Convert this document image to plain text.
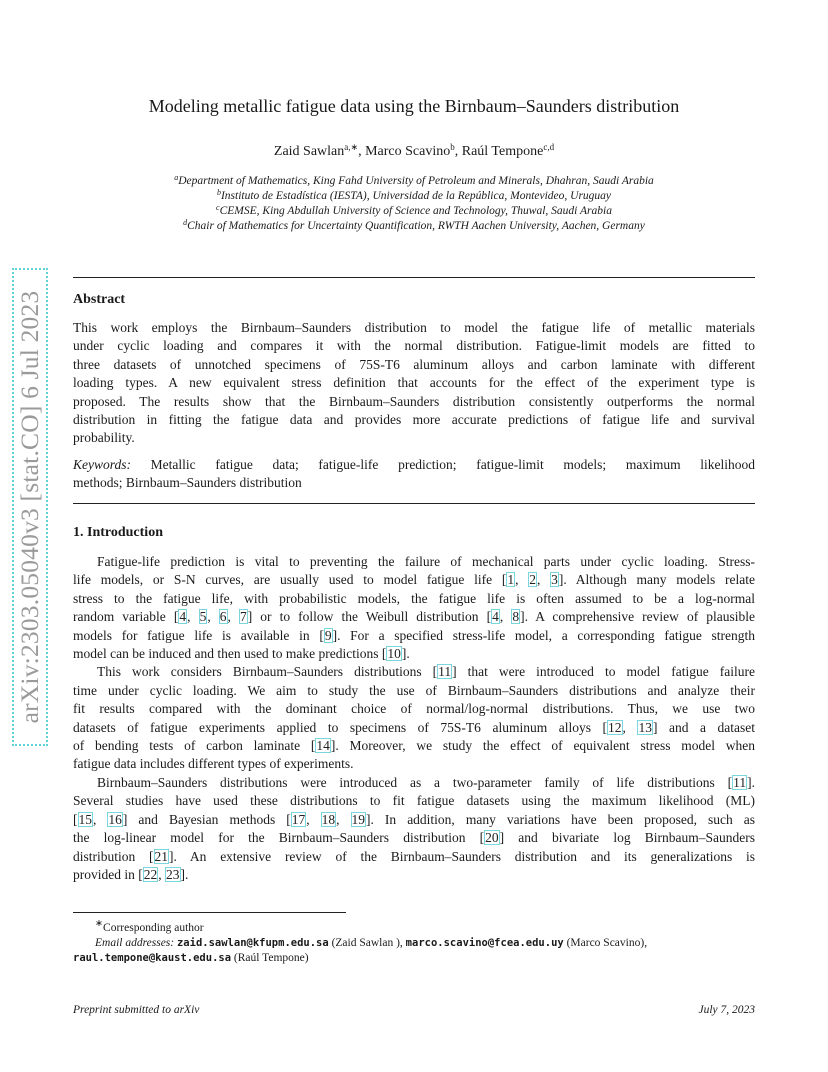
arXiv:2303.05040v3 [stat.CO] 6 Jul 2023
Modeling metallic fatigue data using the Birnbaum–Saunders distribution
Zaid Sawlan$^{a,∗}$, Marco Scavino$^b$, Raúl Tempone$^{c,d}$
$^a$Department of Mathematics, King Fahd University of Petroleum and Minerals, Dhahran, Saudi Arabia
$^b$Instituto de Estadística (IESTA), Universidad de la República, Montevideo, Uruguay
$^c$CEMSE, King Abdullah University of Science and Technology, Thuwal, Saudi Arabia
$^d$Chair of Mathematics for Uncertainty Quantification, RWTH Aachen University, Aachen, Germany
Abstract
This work employs the Birnbaum–Saunders distribution to model the fatigue life of metallic materials
under cyclic loading and compares it with the normal distribution. Fatigue-limit models are fitted to
three datasets of unnotched specimens of 75S-T6 aluminum alloys and carbon laminate with different
loading types. A new equivalent stress definition that accounts for the effect of the experiment type is
proposed. The results show that the Birnbaum–Saunders distribution consistently outperforms the normal
distribution in fitting the fatigue data and provides more accurate predictions of fatigue life and survival
probability.
Keywords: Metallic fatigue data; fatigue-life prediction; fatigue-limit models; maximum likelihood
methods; Birnbaum–Saunders distribution
1. Introduction
Fatigue-life prediction is vital to preventing the failure of mechanical parts under cyclic loading. Stress-
life models, or S-N curves, are usually used to model fatigue life [1, 2, 3]. Although many models relate
stress to the fatigue life, with probabilistic models, the fatigue life is often assumed to be a log-normal
random variable [4, 5, 6, 7] or to follow the Weibull distribution [4, 8]. A comprehensive review of plausible
models for fatigue life is available in [9]. For a specified stress-life model, a corresponding fatigue strength
model can be induced and then used to make predictions [10].
This work considers Birnbaum–Saunders distributions [11] that were introduced to model fatigue failure
time under cyclic loading. We aim to study the use of Birnbaum–Saunders distributions and analyze their
fit results compared with the dominant choice of normal/log-normal distributions. Thus, we use two
datasets of fatigue experiments applied to specimens of 75S-T6 aluminum alloys [12, 13] and a dataset
of bending tests of carbon laminate [14]. Moreover, we study the effect of equivalent stress model when
fatigue data includes different types of experiments.
Birnbaum–Saunders distributions were introduced as a two-parameter family of life distributions [11].
Several studies have used these distributions to fit fatigue datasets using the maximum likelihood (ML)
[15, 16] and Bayesian methods [17, 18, 19]. In addition, many variations have been proposed, such as
the log-linear model for the Birnbaum–Saunders distribution [20] and bivariate log Birnbaum–Saunders
distribution [21]. An extensive review of the Birnbaum–Saunders distribution and its generalizations is
provided in [22, 23].
∗Corresponding author
Email addresses: zaid.sawlan@kfupm.edu.sa (Zaid Sawlan ), marco.scavino@fcea.edu.uy (Marco Scavino),
raul.tempone@kaust.edu.sa (Raúl Tempone)
Preprint submitted to arXiv	July 7, 2023
